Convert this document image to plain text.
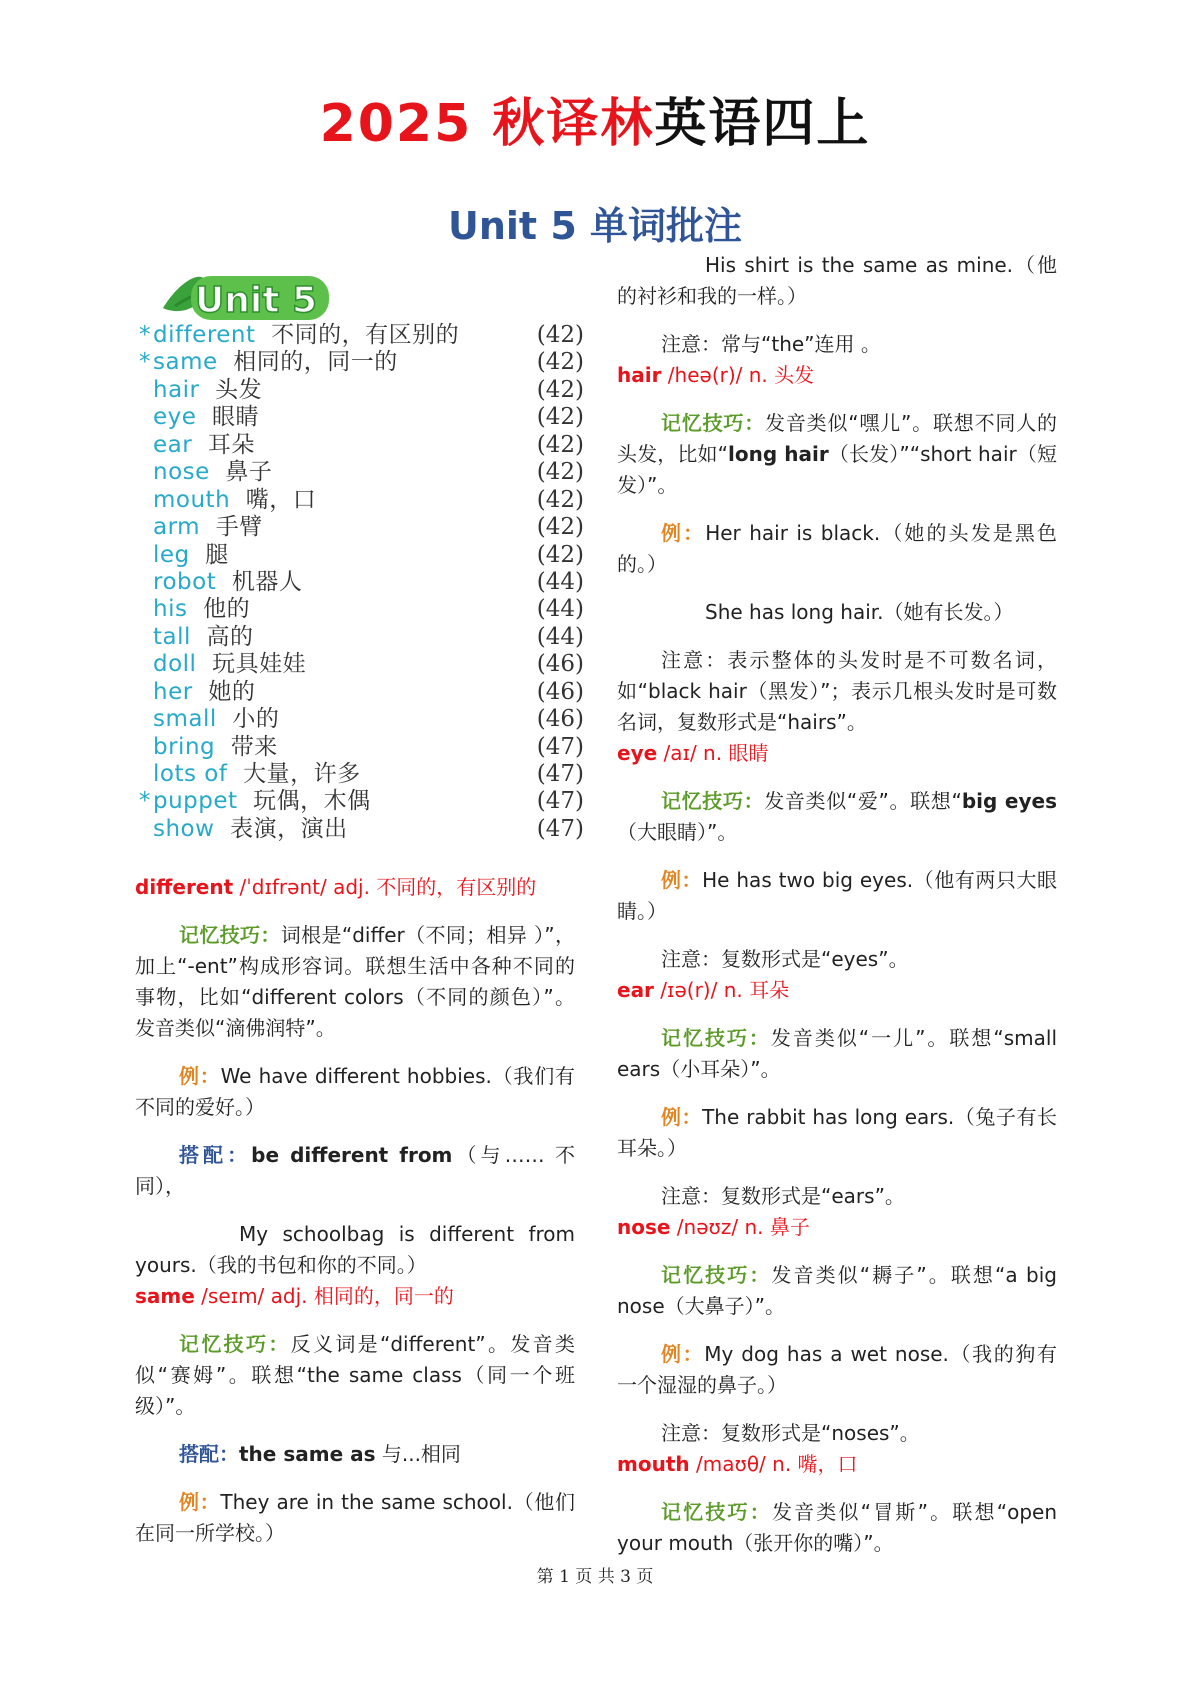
2025 秋译林英语四上
Unit 5 单词批注
Unit 5
* different 不同的，有区别的	(42)
* same 相同的，同一的	(42)
hair 头发	(42)
eye 眼睛	(42)
ear 耳朵	(42)
nose 鼻子	(42)
mouth 嘴，口	(42)
arm 手臂	(42)
leg 腿	(42)
robot 机器人	(44)
his 他的	(44)
tall 高的	(44)
doll 玩具娃娃	(46)
her 她的	(46)
small 小的	(46)
bring 带来	(47)
lots of 大量，许多	(47)
* puppet 玩偶，木偶	(47)
show 表演，演出	(47)

different /ˈdɪfrənt/ adj. 不同的，有区别的

记忆技巧：词根是“differ（不同；相异 ）”，加上“-ent”构成形容词。联想生活中各种不同的事物，比如“different colors（不同的颜色）”。发音类似“滴佛润特”。

例：We have different hobbies.（我们有不同的爱好。）

搭配：be different from（与…… 不同），

My schoolbag is different from yours.（我的书包和你的不同。）

same /seɪm/ adj. 相同的，同一的

记忆技巧：反义词是“different”。发音类似“赛姆”。联想“the same class（同一个班级）”。

搭配：the same as 与...相同

例：They are in the same school.（他们在同一所学校。）

His shirt is the same as mine.（他的衬衫和我的一样。）

注意：常与“the”连用 。

hair /heə(r)/ n. 头发

记忆技巧：发音类似“嘿儿”。联想不同人的头发，比如“long hair（长发）”“short hair（短发）”。

例：Her hair is black.（她的头发是黑色的。）

She has long hair.（她有长发。）

注意：表示整体的头发时是不可数名词，如“black hair（黑发）”；表示几根头发时是可数名词，复数形式是“hairs”。

eye /aɪ/ n. 眼睛

记忆技巧：发音类似“爱”。联想“big eyes（大眼睛）”。

例：He has two big eyes.（他有两只大眼睛。）

注意：复数形式是“eyes”。

ear /ɪə(r)/ n. 耳朵

记忆技巧：发音类似“一儿”。联想“small ears（小耳朵）”。

例：The rabbit has long ears.（兔子有长耳朵。）

注意：复数形式是“ears”。

nose /nəʊz/ n. 鼻子

记忆技巧：发音类似“耨子”。联想“a big nose（大鼻子）”。

例：My dog has a wet nose.（我的狗有一个湿湿的鼻子。）

注意：复数形式是“noses”。

mouth /maʊθ/ n. 嘴，口

记忆技巧：发音类似“冒斯”。联想“open your mouth（张开你的嘴）”。

第 1 页 共 3 页
